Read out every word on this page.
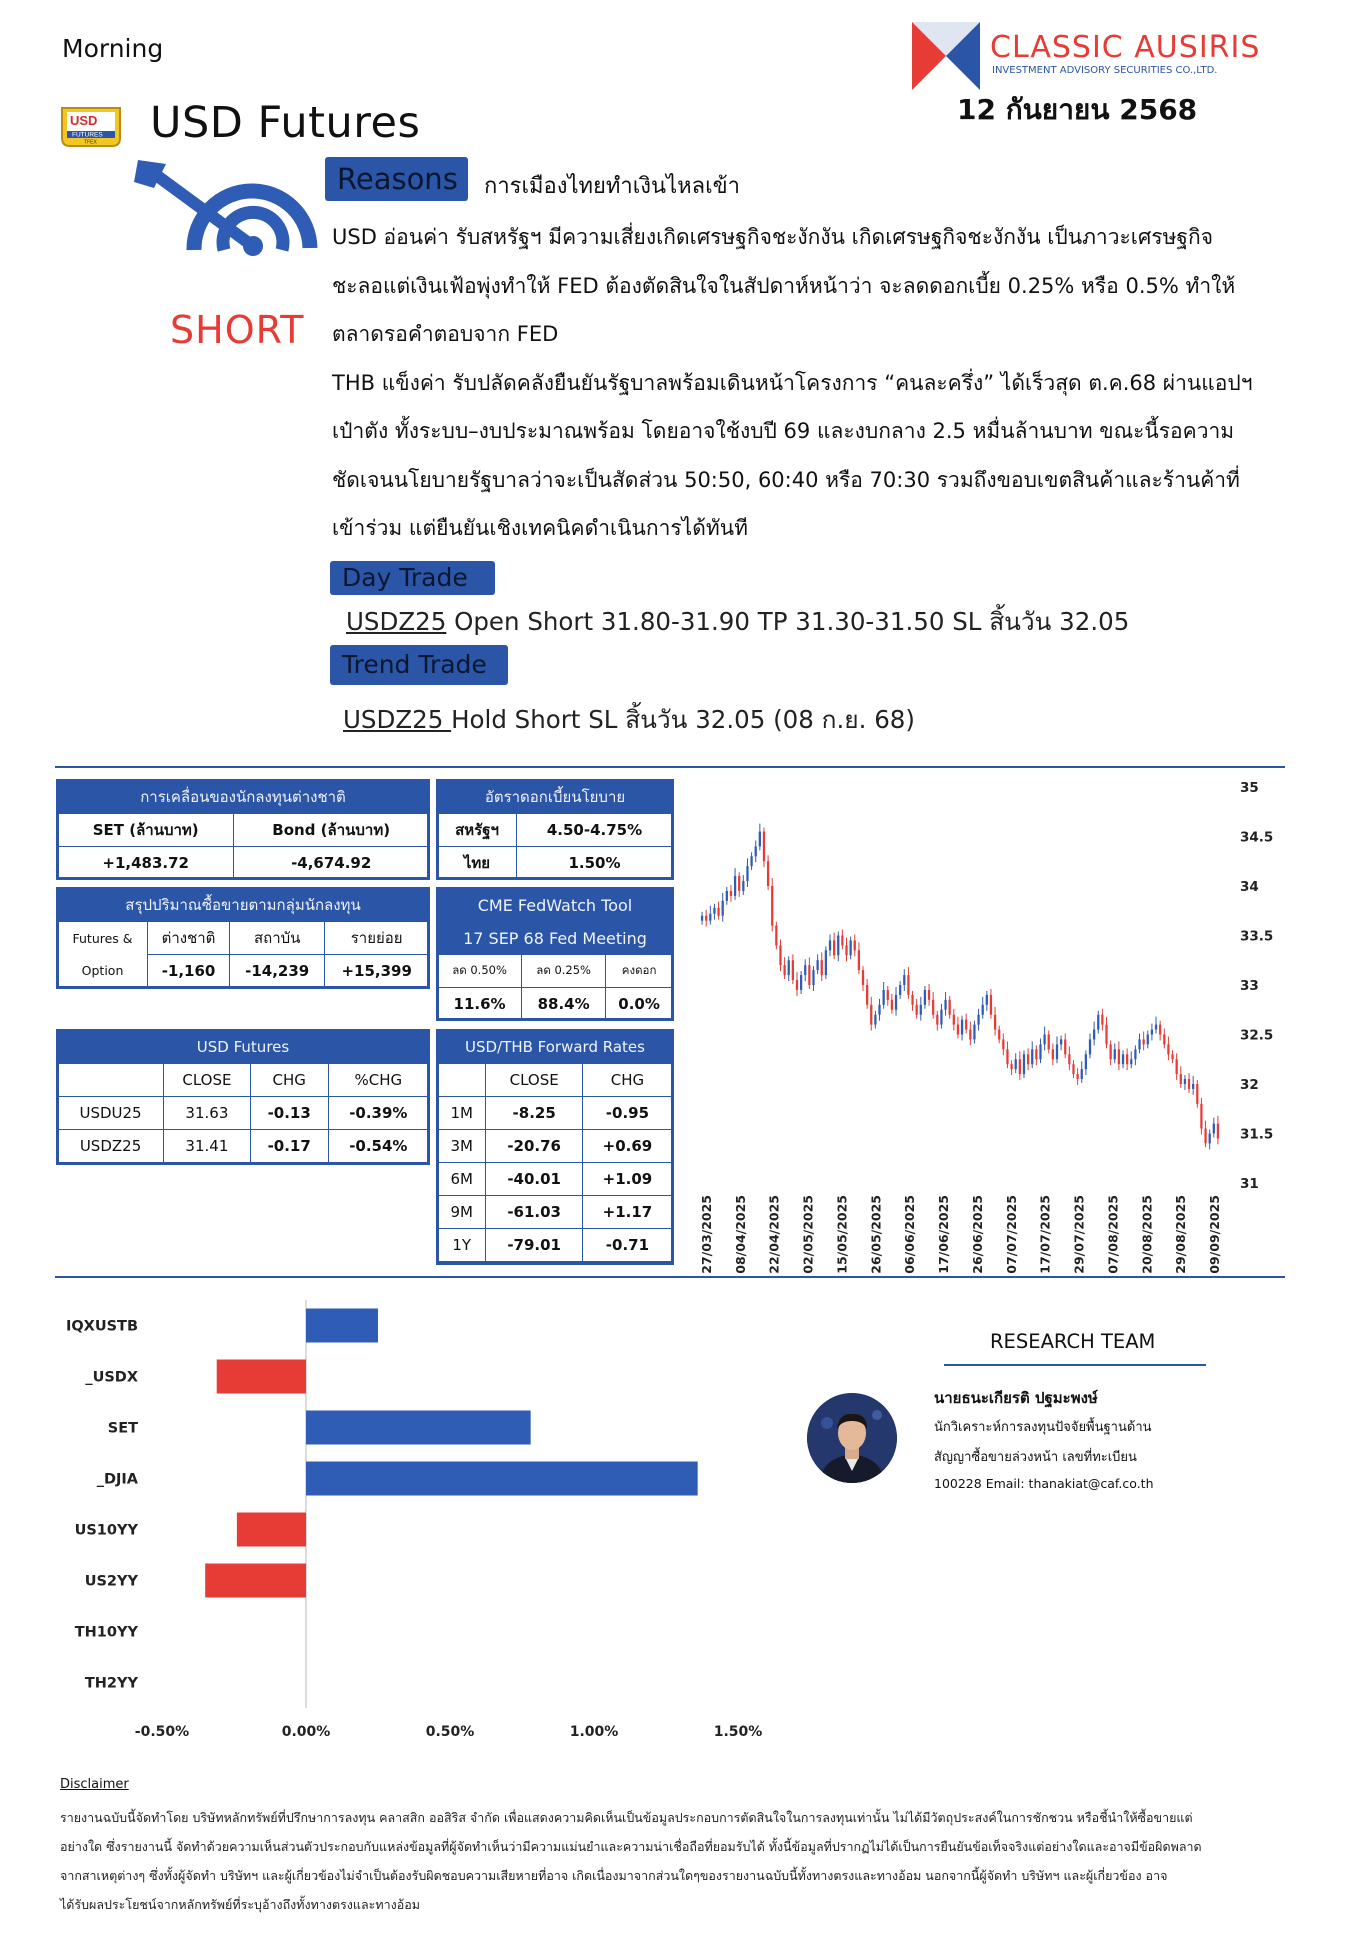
Morning
USD
FUTURES
TFEX USD Futures
CLASSIC AUSIRIS
INVESTMENT ADVISORY SECURITIES CO.,LTD.
12 กันยายน 2568
SHORT
Reasons	การเมืองไทยทำเงินไหลเข้า

USD อ่อนค่า รับสหรัฐฯ มีความเสี่ยงเกิดเศรษฐกิจชะงักงัน เกิดเศรษฐกิจชะงักงัน เป็นภาวะเศรษฐกิจ

ชะลอแต่เงินเฟ้อพุ่งทำให้ FED ต้องตัดสินใจในสัปดาห์หน้าว่า จะลดดอกเบี้ย 0.25% หรือ 0.5% ทำให้

ตลาดรอคำตอบจาก FED

THB แข็งค่า รับปลัดคลังยืนยันรัฐบาลพร้อมเดินหน้าโครงการ “คนละครึ่ง” ได้เร็วสุด ต.ค.68 ผ่านแอปฯ

เป๋าตัง ทั้งระบบ–งบประมาณพร้อม โดยอาจใช้งบปี 69 และงบกลาง 2.5 หมื่นล้านบาท ขณะนี้รอความ

ชัดเจนนโยบายรัฐบาลว่าจะเป็นสัดส่วน 50:50, 60:40 หรือ 70:30 รวมถึงขอบเขตสินค้าและร้านค้าที่

เข้าร่วม แต่ยืนยันเชิงเทคนิคดำเนินการได้ทันที

Day Trade
USDZ25 Open Short 31.80-31.90 TP 31.30-31.50 SL สิ้นวัน 32.05
Trend Trade
USDZ25 Hold Short SL สิ้นวัน 32.05 (08 ก.ย. 68)
การเคลื่อนของนักลงทุนต่างชาติ	
SET (ล้านบาท)	Bond (ล้านบาท)
+1,483.72	-4,674.92
อัตราดอกเบี้ยนโยบาย	
สหรัฐฯ	4.50-4.75%
ไทย	1.50%
สรุปปริมาณซื้อขายตามกลุ่มนักลงทุน			
Futures &
Option	ต่างชาติ	สถาบัน	รายย่อย
	-1,160	-14,239	+15,399
CME FedWatch Tool		
17 SEP 68 Fed Meeting		
ลด 0.50%	ลด 0.25%	คงดอก
11.6%	88.4%	0.0%
USD Futures			
	CLOSE	CHG	%CHG
USDU25	31.63	-0.13	-0.39%
USDZ25	31.41	-0.17	-0.54%
USD/THB Forward Rates		
	CLOSE	CHG
1M	-8.25	-0.95
3M	-20.76	+0.69
6M	-40.01	+1.09
9M	-61.03	+1.17
1Y	-79.01	-0.71
35
34.5
34
33.5
33
32.5
32
31.5
31
27/03/2025 08/04/2025 22/04/2025 02/05/2025 15/05/2025 26/05/2025 06/06/2025 17/06/2025 26/06/2025 07/07/2025 17/07/2025 29/07/2025 07/08/2025 20/08/2025 29/08/2025 09/09/2025
IQXUSTB
_USDX
SET
_DJIA
US10YY
US2YY
TH10YY
TH2YY
-0.50%	0.00%	0.50%	1.00%	1.50%
RESEARCH TEAM
นายธนะเกียรติ ปฐมะพงษ์
นักวิเคราะห์การลงทุนปัจจัยพื้นฐานด้าน
สัญญาซื้อขายล่วงหน้า เลขที่ทะเบียน
100228 Email: thanakiat@caf.co.th
Disclaimer
รายงานฉบับนี้จัดทำโดย บริษัทหลักทรัพย์ที่ปรึกษาการลงทุน คลาสสิก ออสิริส จำกัด เพื่อแสดงความคิดเห็นเป็นข้อมูลประกอบการตัดสินใจในการลงทุนเท่านั้น ไม่ได้มีวัตถุประสงค์ในการชักชวน หรือชี้นำให้ซื้อขายแต่
อย่างใด ซึ่งรายงานนี้ จัดทำด้วยความเห็นส่วนตัวประกอบกับแหล่งข้อมูลที่ผู้จัดทำเห็นว่ามีความแม่นยำและความน่าเชื่อถือที่ยอมรับได้ ทั้งนี้ข้อมูลที่ปรากฏไม่ได้เป็นการยืนยันข้อเท็จจริงแต่อย่างใดและอาจมีข้อผิดพลาด
จากสาเหตุต่างๆ ซึ่งทั้งผู้จัดทำ บริษัทฯ และผู้เกี่ยวข้องไม่จำเป็นต้องรับผิดชอบความเสียหายที่อาจ เกิดเนื่องมาจากส่วนใดๆของรายงานฉบับนี้ทั้งทางตรงและทางอ้อม นอกจากนี้ผู้จัดทำ บริษัทฯ และผู้เกี่ยวข้อง อาจ
ได้รับผลประโยชน์จากหลักทรัพย์ที่ระบุอ้างถึงทั้งทางตรงและทางอ้อม
